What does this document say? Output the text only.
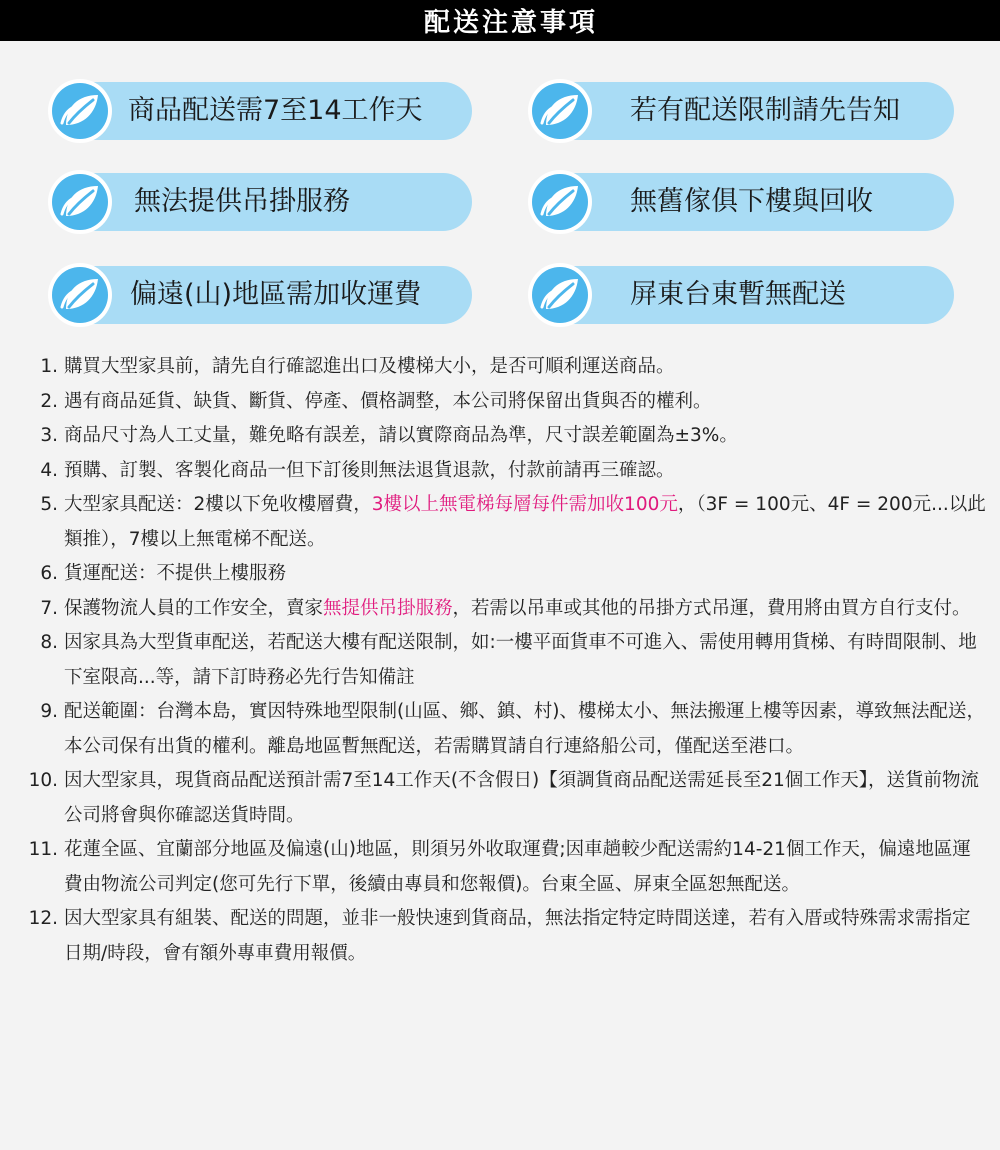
配送注意事項
商品配送需7至14工作天	若有配送限制請先告知
無法提供吊掛服務	無舊傢俱下樓與回收
偏遠(山)地區需加收運費	屏東台東暫無配送
1. 購買大型家具前，請先自行確認進出口及樓梯大小，是否可順利運送商品。
2. 遇有商品延貨、缺貨、斷貨、停產、價格調整，本公司將保留出貨與否的權利。
3. 商品尺寸為人工丈量，難免略有誤差，請以實際商品為準，尺寸誤差範圍為±3%。
4. 預購、訂製、客製化商品一但下訂後則無法退貨退款，付款前請再三確認。
5. 大型家具配送：2樓以下免收樓層費，3樓以上無電梯每層每件需加收100元，（3F = 100元、4F = 200元...以此類推），7樓以上無電梯不配送。
6. 貨運配送：不提供上樓服務
7. 保護物流人員的工作安全，賣家無提供吊掛服務，若需以吊車或其他的吊掛方式吊運，費用將由買方自行支付。
8. 因家具為大型貨車配送，若配送大樓有配送限制，如:一樓平面貨車不可進入、需使用轉用貨梯、有時間限制、地下室限高...等，請下訂時務必先行告知備註
9. 配送範圍：台灣本島，實因特殊地型限制(山區、鄉、鎮、村)、樓梯太小、無法搬運上樓等因素，導致無法配送，本公司保有出貨的權利。離島地區暫無配送，若需購買請自行連絡船公司，僅配送至港口。
10. 因大型家具，現貨商品配送預計需7至14工作天(不含假日)【須調貨商品配送需延長至21個工作天】，送貨前物流公司將會與你確認送貨時間。
11. 花蓮全區、宜蘭部分地區及偏遠(山)地區，則須另外收取運費;因車趟較少配送需約14-21個工作天，偏遠地區運費由物流公司判定(您可先行下單，後續由專員和您報價)。台東全區、屏東全區恕無配送。
12. 因大型家具有組裝、配送的問題，並非一般快速到貨商品，無法指定特定時間送達，若有入厝或特殊需求需指定日期/時段，會有額外專車費用報價。
